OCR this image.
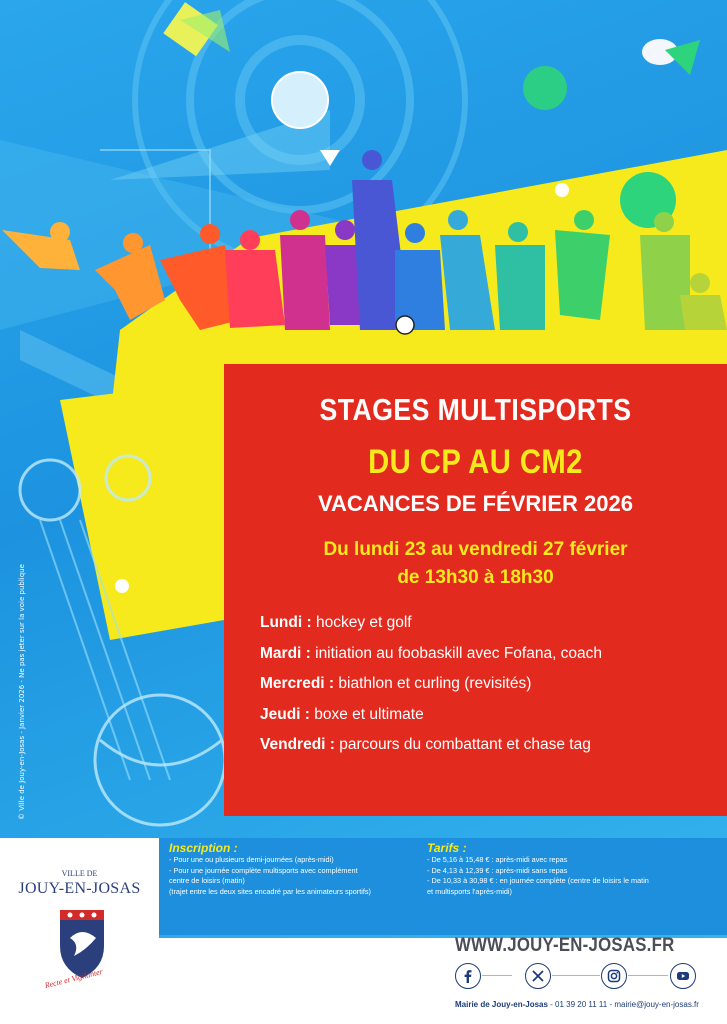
© Ville de Jouy-en-Josas - Janvier 2026 - Ne pas jeter sur la voie publique
STAGES MULTISPORTS
DU CP AU CM2
VACANCES DE FÉVRIER 2026
Du lundi 23 au vendredi 27 février
de 13h30 à 18h30
Lundi : hockey et golf
Mardi : initiation au foobaskill avec Fofana, coach
Mercredi : biathlon et curling (revisités)
Jeudi : boxe et ultimate
Vendredi : parcours du combattant et chase tag
VILLE DE
JOUY-EN-JOSAS
Recte et Vigilanter
Inscription :
- Pour une ou plusieurs demi-journées (après-midi)
- Pour une journée complète multisports avec complément
centre de loisirs (matin)
(trajet entre les deux sites encadré par les animateurs sportifs)
Tarifs :
- De 5,16 à 15,48 € : après-midi avec repas
- De 4,13 à 12,39 € : après-midi sans repas
- De 10,33 à 30,98 € : en journée complète (centre de loisirs le matin
et multisports l'après-midi)
WWW.JOUY-EN-JOSAS.FR
Mairie de Jouy-en-Josas - 01 39 20 11 11 - mairie@jouy-en-josas.fr
